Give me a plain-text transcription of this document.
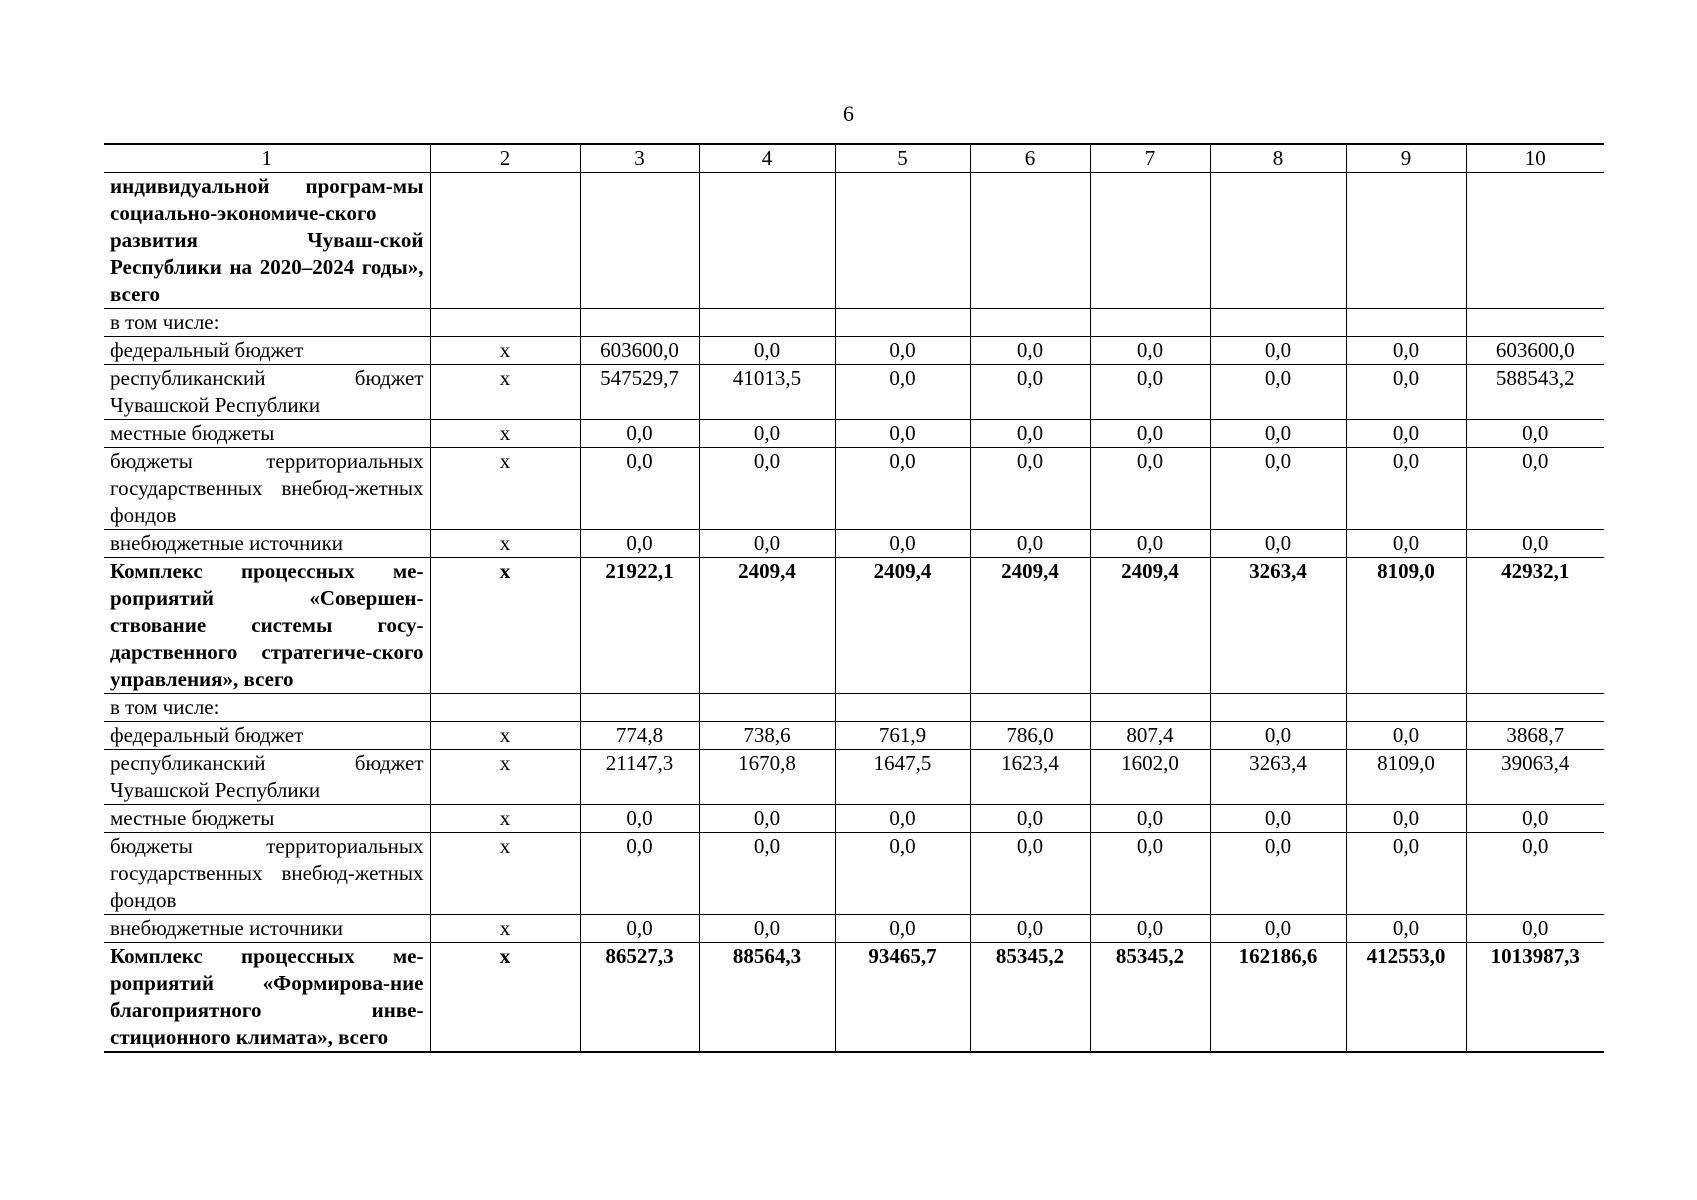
6
1	2	3	4	5	6	7	8	9	10
индивидуальной програм-мы социально-экономиче-ского развития Чуваш-ской Республики на 2020–2024 годы», всего									
в том числе:									
федеральный бюджет	x	603600,0	0,0	0,0	0,0	0,0	0,0	0,0	603600,0
республиканский бюджет Чувашской Республики	x	547529,7	41013,5	0,0	0,0	0,0	0,0	0,0	588543,2
местные бюджеты	x	0,0	0,0	0,0	0,0	0,0	0,0	0,0	0,0
бюджеты территориальных государственных внебюд-жетных фондов	x	0,0	0,0	0,0	0,0	0,0	0,0	0,0	0,0
внебюджетные источники	x	0,0	0,0	0,0	0,0	0,0	0,0	0,0	0,0
Комплекс процессных ме-роприятий «Совершен-ствование системы госу-дарственного стратегиче-ского управления», всего	x	21922,1	2409,4	2409,4	2409,4	2409,4	3263,4	8109,0	42932,1
в том числе:									
федеральный бюджет	x	774,8	738,6	761,9	786,0	807,4	0,0	0,0	3868,7
республиканский бюджет Чувашской Республики	x	21147,3	1670,8	1647,5	1623,4	1602,0	3263,4	8109,0	39063,4
местные бюджеты	x	0,0	0,0	0,0	0,0	0,0	0,0	0,0	0,0
бюджеты территориальных государственных внебюд-жетных фондов	x	0,0	0,0	0,0	0,0	0,0	0,0	0,0	0,0
внебюджетные источники	x	0,0	0,0	0,0	0,0	0,0	0,0	0,0	0,0
Комплекс процессных ме-роприятий «Формирова-ние благоприятного инве-стиционного климата», всего	x	86527,3	88564,3	93465,7	85345,2	85345,2	162186,6	412553,0	1013987,3
